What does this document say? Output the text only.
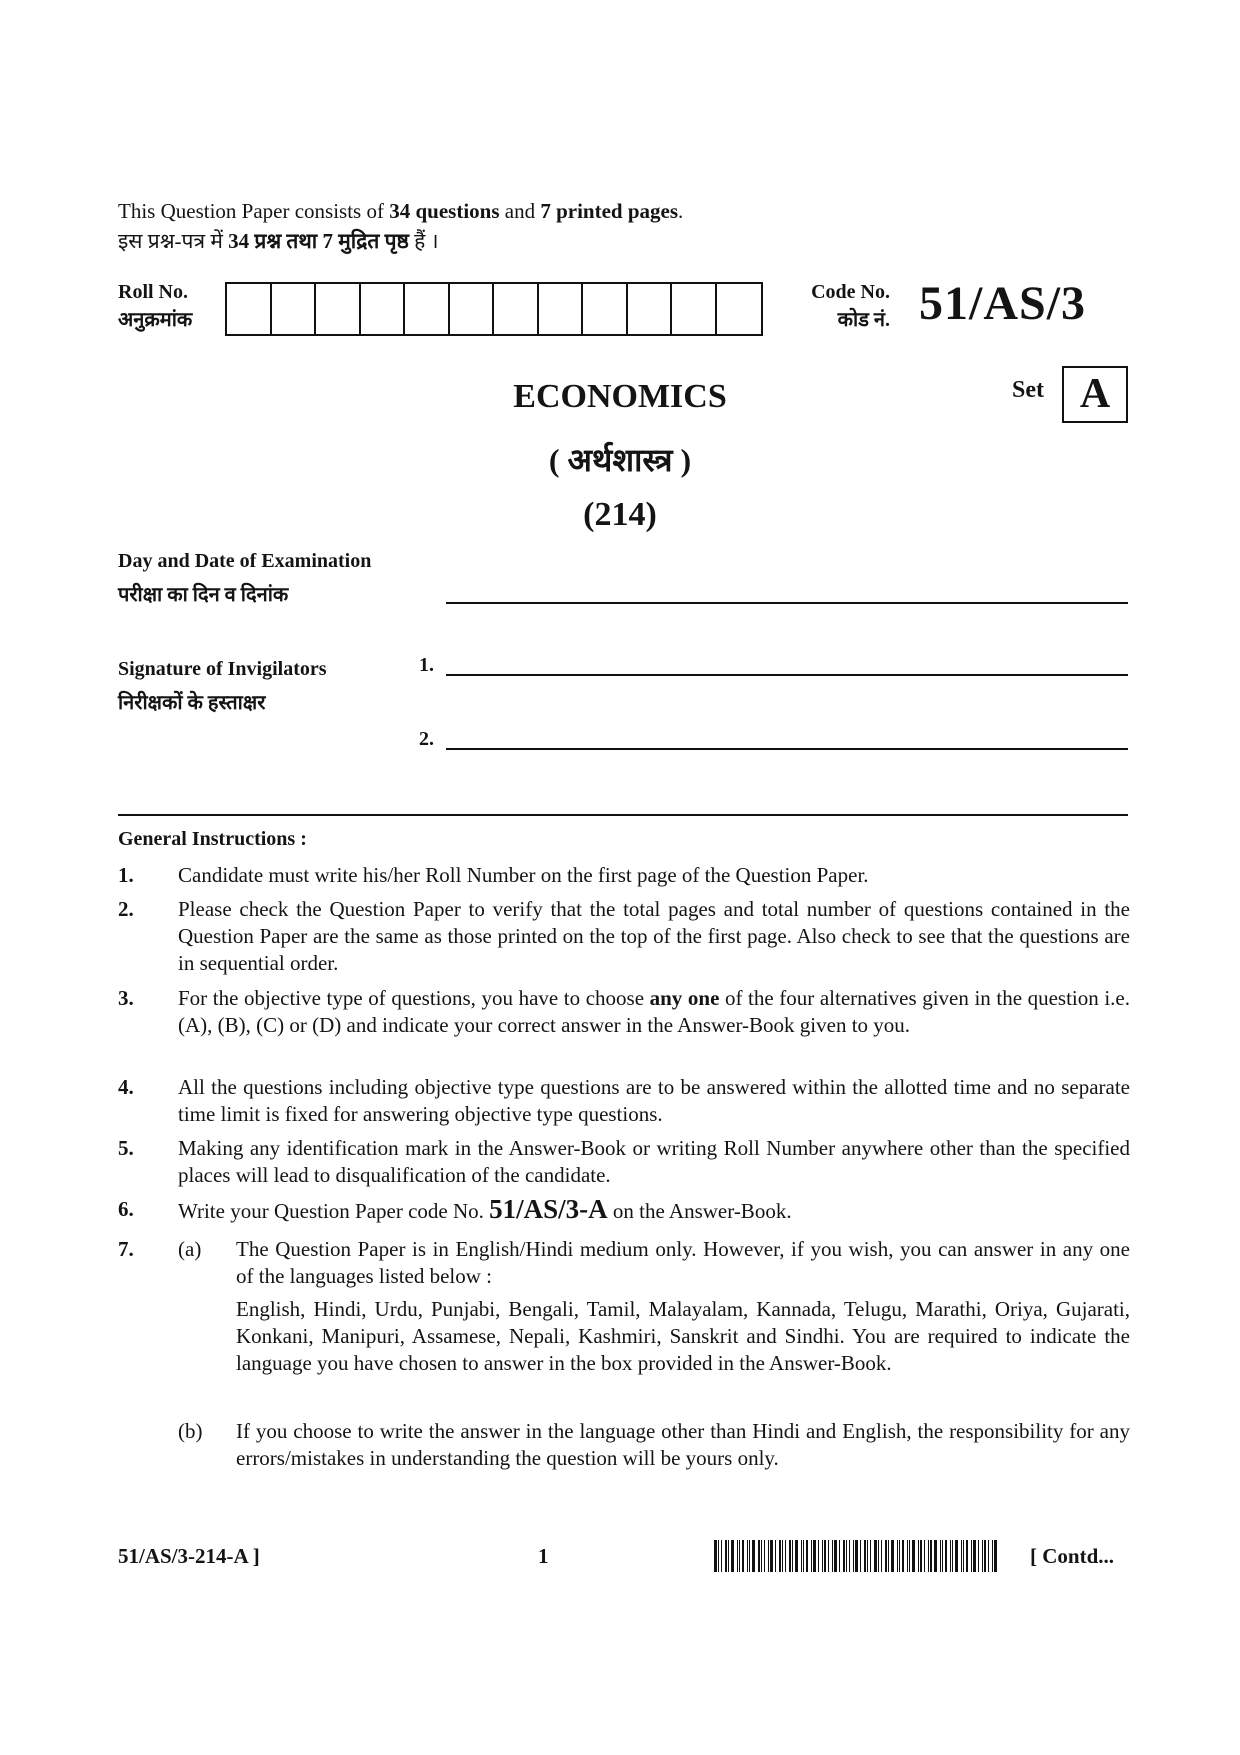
This Question Paper consists of 34 questions and 7 printed pages.
इस प्रश्न-पत्र में 34 प्रश्न तथा 7 मुद्रित पृष्ठ हैं ।
Roll No.
अनुक्रमांक
Code No.
कोड नं. 51/AS/3
Set A
ECONOMICS
( अर्थशास्त्र )
(214)
Day and Date of Examination
परीक्षा का दिन व दिनांक
Signature of Invigilators
निरीक्षकों के हस्ताक्षर
1.
2.
General Instructions :
1. Candidate must write his/her Roll Number on the first page of the Question Paper.
2. Please check the Question Paper to verify that the total pages and total number of questions contained in the Question Paper are the same as those printed on the top of the first page. Also check to see that the questions are in sequential order.
3. For the objective type of questions, you have to choose any one of the four alternatives given in the question i.e. (A), (B), (C) or (D) and indicate your correct answer in the Answer-Book given to you.
4. All the questions including objective type questions are to be answered within the allotted time and no separate time limit is fixed for answering objective type questions.
5. Making any identification mark in the Answer-Book or writing Roll Number anywhere other than the specified places will lead to disqualification of the candidate.
6. Write your Question Paper code No. 51/AS/3-A on the Answer-Book.
7. (a) The Question Paper is in English/Hindi medium only. However, if you wish, you can answer in any one of the languages listed below :
English, Hindi, Urdu, Punjabi, Bengali, Tamil, Malayalam, Kannada, Telugu, Marathi, Oriya, Gujarati, Konkani, Manipuri, Assamese, Nepali, Kashmiri, Sanskrit and Sindhi. You are required to indicate the language you have chosen to answer in the box provided in the Answer-Book.
(b) If you choose to write the answer in the language other than Hindi and English, the responsibility for any errors/mistakes in understanding the question will be yours only.
51/AS/3-214-A ]	1	[ Contd...
